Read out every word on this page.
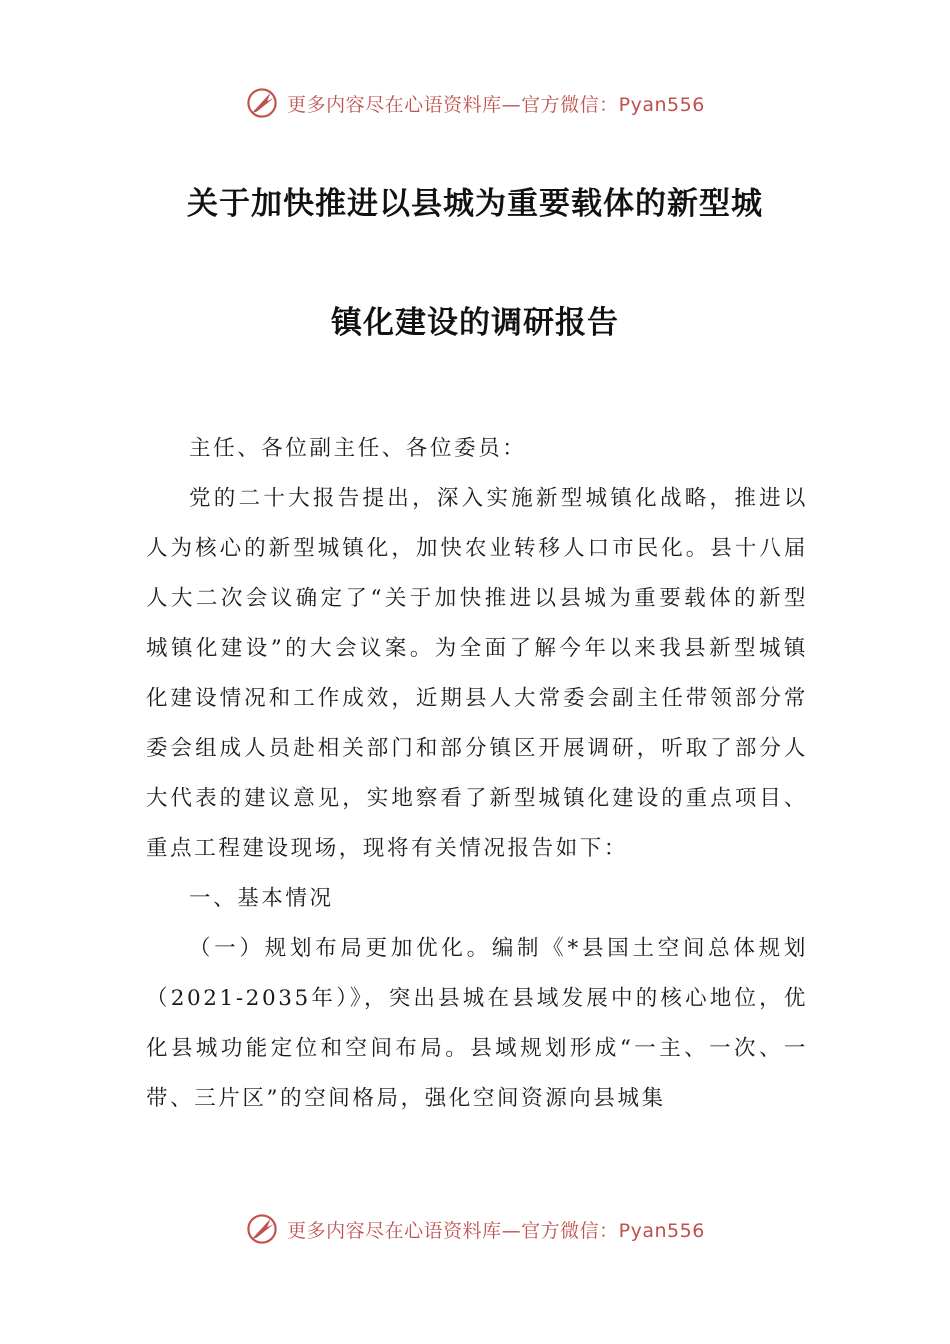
更多内容尽在心语资料库—官方微信：Pyan556
关于加快推进以县城为重要载体的新型城
镇化建设的调研报告

主任、各位副主任、各位委员：

党的二十大报告提出，深入实施新型城镇化战略，推进以人为核心的新型城镇化，加快农业转移人口市民化。县十八届人大二次会议确定了“关于加快推进以县城为重要载体的新型城镇化建设”的大会议案。为全面了解今年以来我县新型城镇化建设情况和工作成效，近期县人大常委会副主任带领部分常委会组成人员赴相关部门和部分镇区开展调研，听取了部分人大代表的建议意见，实地察看了新型城镇化建设的重点项目、重点工程建设现场，现将有关情况报告如下：

一、基本情况

（一）规划布局更加优化。编制《*县国土空间总体规划（2021-2035年）》，突出县城在县域发展中的核心地位，优化县城功能定位和空间布局。县域规划形成“一主、一次、一带、三片区”的空间格局，强化空间资源向县城集

更多内容尽在心语资料库—官方微信：Pyan556
